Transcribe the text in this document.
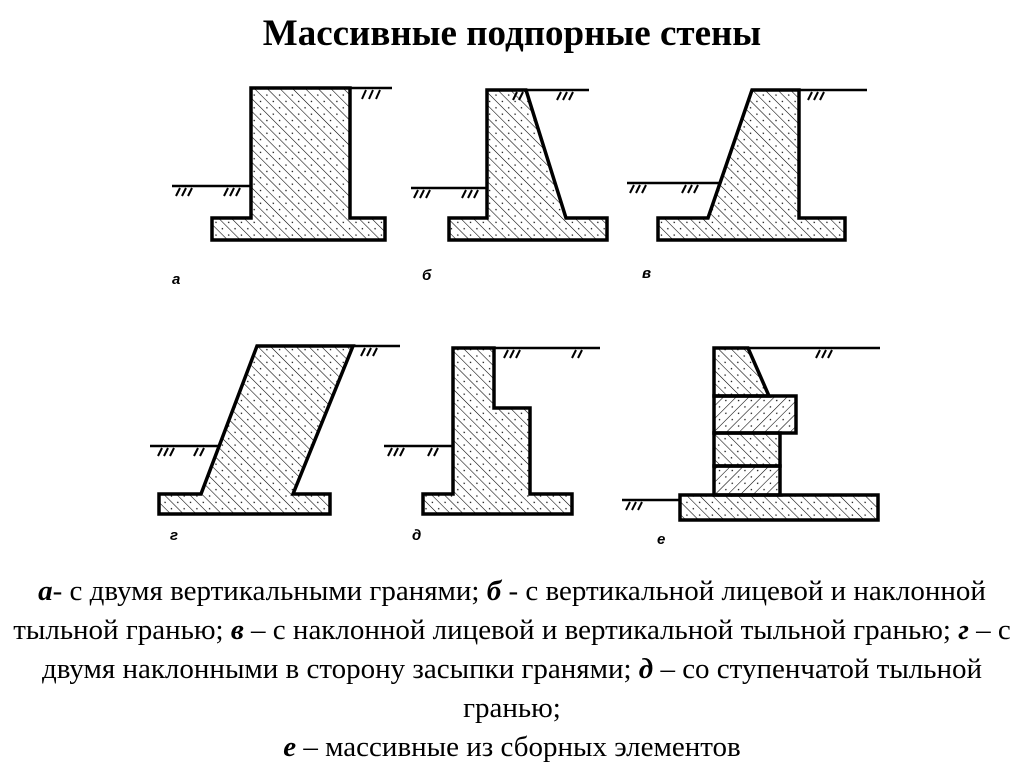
Массивные подпорные стены
а	б	в
г	д	е
а- с двумя вертикальными гранями; б - с вертикальной лицевой и наклонной тыльной гранью; в – с наклонной лицевой и вертикальной тыльной гранью; г – с двумя наклонными в сторону засыпки гранями; д – со ступенчатой тыльной гранью;
е – массивные из сборных элементов
